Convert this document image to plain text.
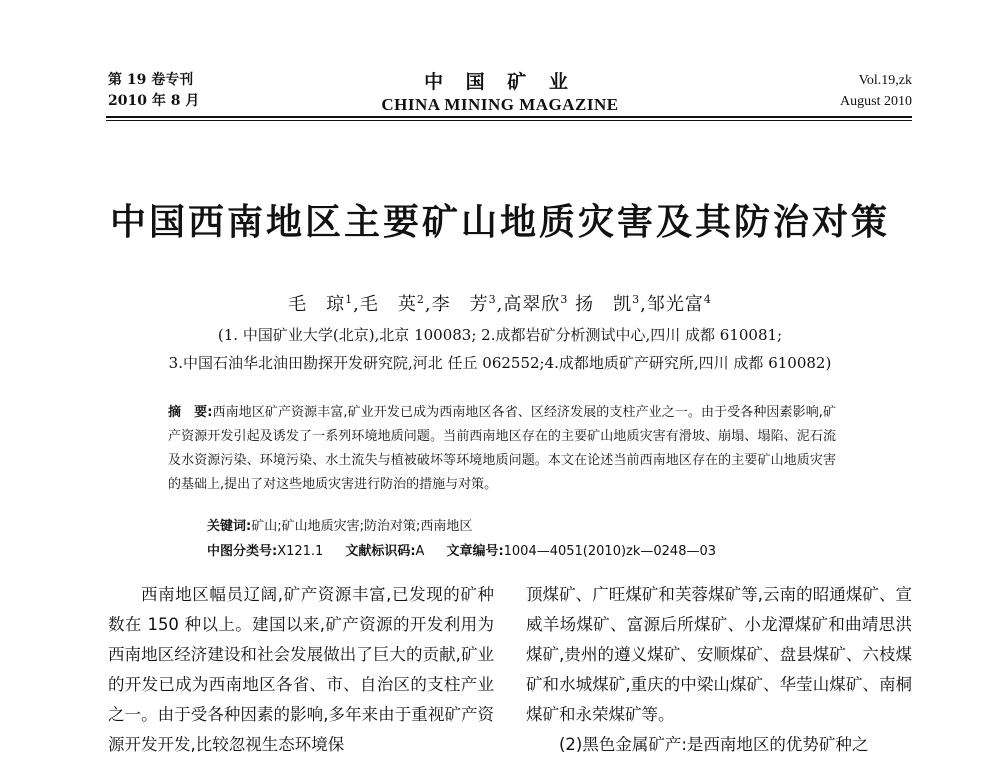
第 19 卷专刊
2010 年 8 月
中 国 矿 业
CHINA MINING MAGAZINE
Vol.19,zk
August 2010
中国西南地区主要矿山地质灾害及其防治对策
毛　琼$^1$,毛　英$^2$,李　芳$^3$,高翠欣$^3$ 扬　凯$^3$,邹光富$^4$
(1. 中国矿业大学(北京),北京 100083; 2.成都岩矿分析测试中心,四川 成都 610081;
3.中国石油华北油田勘探开发研究院,河北 任丘 062552;4.成都地质矿产研究所,四川 成都 610082)
摘　要:西南地区矿产资源丰富,矿业开发已成为西南地区各省、区经济发展的支柱产业之一。由于受各种因素影响,矿产资源开发引起及诱发了一系列环境地质问题。当前西南地区存在的主要矿山地质灾害有滑坡、崩塌、塌陷、泥石流及水资源污染、环境污染、水土流失与植被破坏等环境地质问题。本文在论述当前西南地区存在的主要矿山地质灾害的基础上,提出了对这些地质灾害进行防治的措施与对策。
关键词:矿山;矿山地质灾害;防治对策;西南地区
中图分类号:X121.1 文献标识码:A 文章编号:1004—4051(2010)zk—0248—03

西南地区幅员辽阔,矿产资源丰富,已发现的矿种数在 150 种以上。建国以来,矿产资源的开发利用为西南地区经济建设和社会发展做出了巨大的贡献,矿业的开发已成为西南地区各省、市、自治区的支柱产业之一。由于受各种因素的影响,多年来由于重视矿产资源开发开发,比较忽视生态环境保

顶煤矿、广旺煤矿和芙蓉煤矿等,云南的昭通煤矿、宣威羊场煤矿、富源后所煤矿、小龙潭煤矿和曲靖思洪煤矿,贵州的遵义煤矿、安顺煤矿、盘县煤矿、六枝煤矿和水城煤矿,重庆的中梁山煤矿、华莹山煤矿、南桐煤矿和永荣煤矿等。

(2)黑色金属矿产:是西南地区的优势矿种之
